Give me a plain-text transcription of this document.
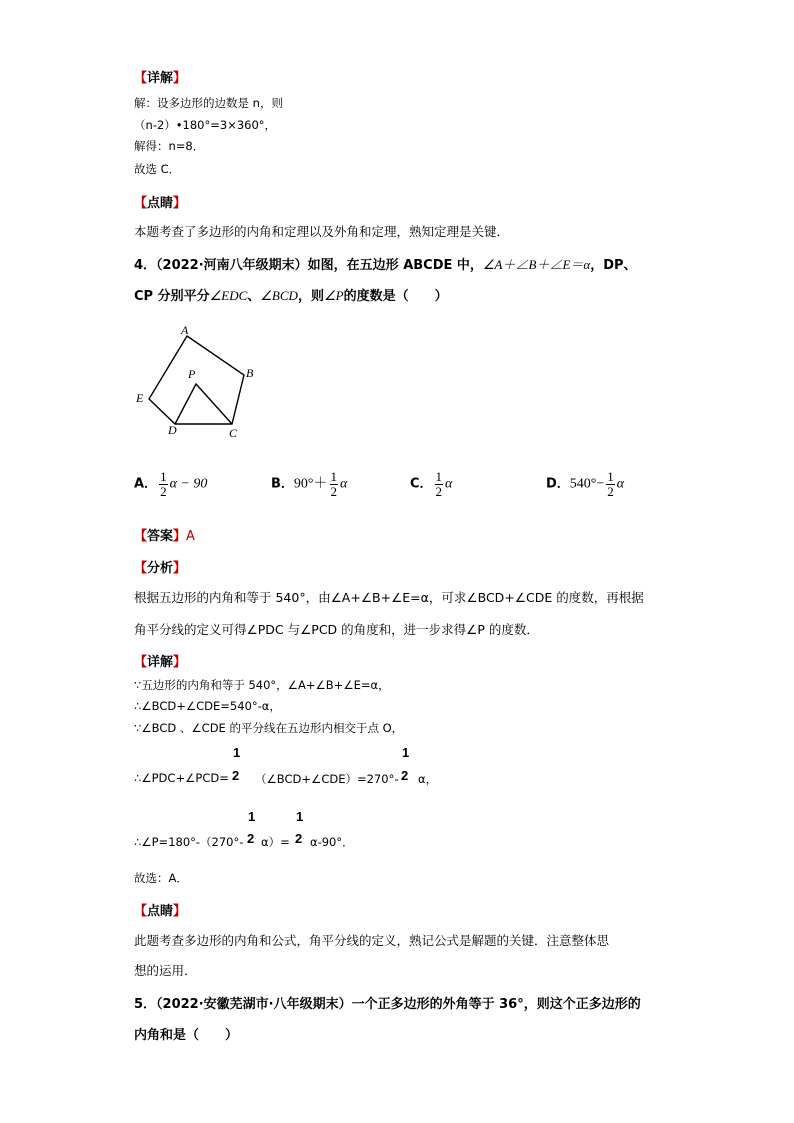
【详解】
解：设多边形的边数是 n，则
（n-2）•180°=3×360°，
解得：n=8．
故选 C．
【点睛】
本题考查了多边形的内角和定理以及外角和定理，熟知定理是关键．
4．（2022·河南八年级期末）如图，在五边形 ABCDE 中，∠A＋∠B＋∠E＝α，DP、
CP 分别平分∠EDC、∠BCD，则∠P的度数是（　　）
A
B
C
D
E
P
A． $\frac{1}{2}$ α − 90	B．$90^\circ+ \frac{1}{2}$ α	C． $\frac{1}{2}$ α	D．$540^\circ- \frac{1}{2}$ α
【答案】A
【分析】
根据五边形的内角和等于 540°，由∠A+∠B+∠E=α，可求∠BCD+∠CDE 的度数，再根据
角平分线的定义可得∠PDC 与∠PCD 的角度和，进一步求得∠P 的度数．
【详解】
∵五边形的内角和等于 540°，∠A+∠B+∠E=α，
∴∠BCD+∠CDE=540°-α，
∵∠BCD 、∠CDE 的平分线在五边形内相交于点 O，
∴∠PDC+∠PCD=
1
2 （∠BCD+∠CDE）=270°-
1
2 α，
∴∠P=180°-（270°-
1
2 α）=
1
2 α-90°．
故选：A．
【点睛】
此题考查多边形的内角和公式，角平分线的定义，熟记公式是解题的关键．注意整体思
想的运用．
5．（2022·安徽芜湖市·八年级期末）一个正多边形的外角等于 36°，则这个正多边形的
内角和是（　　）
